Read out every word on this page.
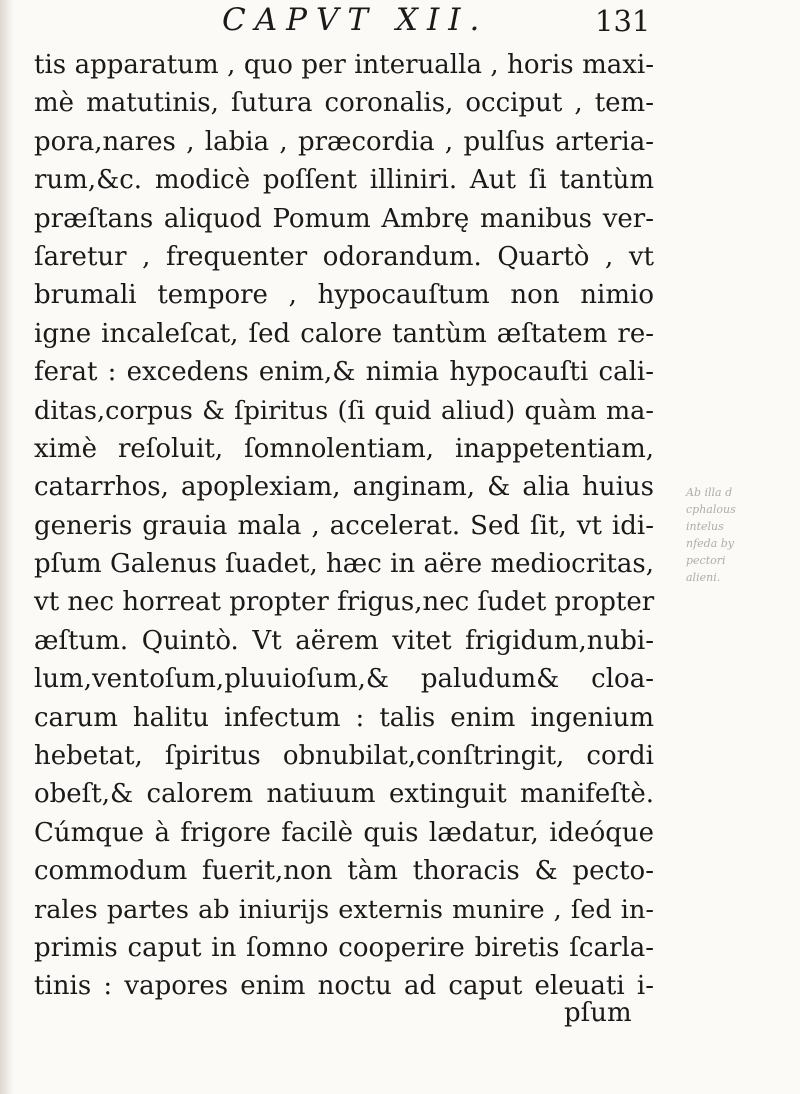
CAPVT XII.	131
tis apparatum , quo per interualla , horis maxi-
mè matutinis, ſutura coronalis, occiput , tem-
pora,nares , labia , præcordia , pulſus arteria-
rum,&c. modicè poſſent illiniri. Aut ſi tantùm
præſtans aliquod Pomum Ambrę manibus ver-
ſaretur , frequenter odorandum. Quartò , vt
brumali tempore , hypocauſtum non nimio
igne incaleſcat, ſed calore tantùm æſtatem re-
ferat : excedens enim,& nimia hypocauſti cali-
ditas,corpus & ſpiritus (ſi quid aliud) quàm ma-
ximè reſoluit, ſomnolentiam, inappetentiam,
catarrhos, apoplexiam, anginam, & alia huius
generis grauia mala , accelerat. Sed ſit, vt idi-
pſum Galenus ſuadet, hæc in aëre mediocritas,
vt nec horreat propter frigus,nec ſudet propter
æſtum. Quintò. Vt aërem vitet frigidum,nubi-
lum,ventoſum,pluuioſum,& paludum& cloa-
carum halitu infectum : talis enim ingenium
hebetat, ſpiritus obnubilat,conſtringit, cordi
obeſt,& calorem natiuum extinguit manifeſtè.
Cúmque à frigore facilè quis lædatur, ideóque
commodum fuerit,non tàm thoracis & pecto-
rales partes ab iniurijs externis munire , ſed in-
primis caput in ſomno cooperire biretis ſcarla-
tinis : vapores enim noctu ad caput eleuati i-
pſum
Ab illa d
cphalous
intelus
nfeda by
pectori
alieni.
